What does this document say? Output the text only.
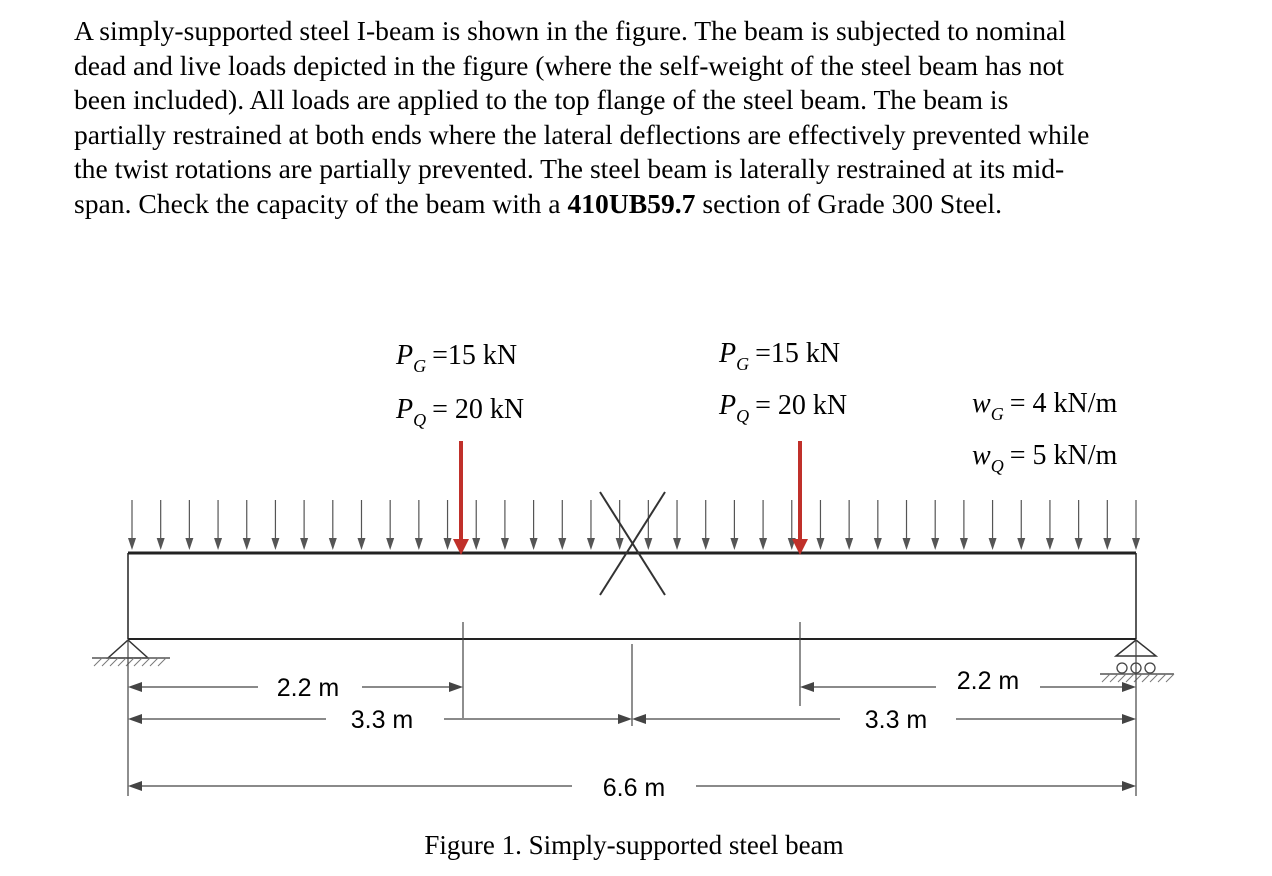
A simply-supported steel I-beam is shown in the figure. The beam is subjected to nominal
dead and live loads depicted in the figure (where the self-weight of the steel beam has not
been included). All loads are applied to the top flange of the steel beam. The beam is
partially restrained at both ends where the lateral deflections are effectively prevented while
the twist rotations are partially prevented. The steel beam is laterally restrained at its mid-
span. Check the capacity of the beam with a 410UB59.7 section of Grade 300 Steel.
$P_G =15$ kN
$P_Q = 20$ kN
$P_G =15$ kN
$P_Q = 20$ kN	$w_G = 4$ kN/m
$w_Q = 5$ kN/m
2.2 m	2.2 m
3.3 m	3.3 m
6.6 m
Figure 1. Simply-supported steel beam
